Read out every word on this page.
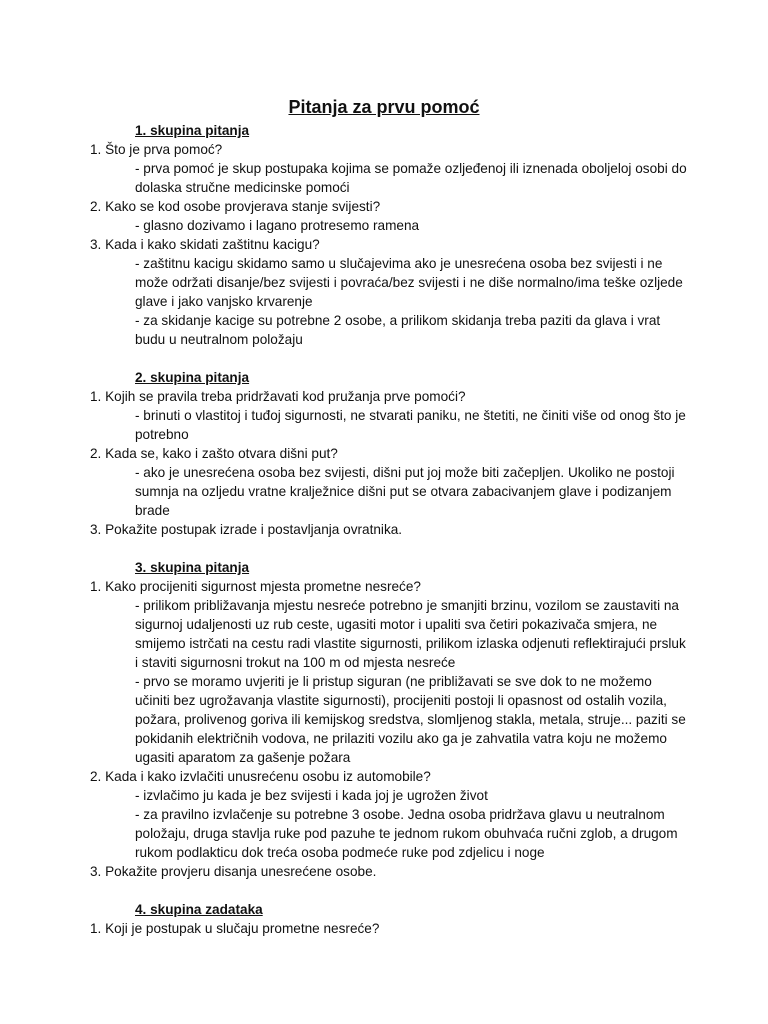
Pitanja za prvu pomoć

1. skupina pitanja

1. Što je prva pomoć?

- prva pomoć je skup postupaka kojima se pomaže ozljeđenoj ili iznenada oboljeloj osobi do dolaska stručne medicinske pomoći

2. Kako se kod osobe provjerava stanje svijesti?

- glasno dozivamo i lagano protresemo ramena

3. Kada i kako skidati zaštitnu kacigu?

- zaštitnu kacigu skidamo samo u slučajevima ako je unesrećena osoba bez svijesti i ne može održati disanje/bez svijesti i povraća/bez svijesti i ne diše normalno/ima teške ozljede glave i jako vanjsko krvarenje

- za skidanje kacige su potrebne 2 osobe, a prilikom skidanja treba paziti da glava i vrat budu u neutralnom položaju

2. skupina pitanja

1. Kojih se pravila treba pridržavati kod pružanja prve pomoći?

- brinuti o vlastitoj i tuđoj sigurnosti, ne stvarati paniku, ne štetiti, ne činiti više od onog što je potrebno

2. Kada se, kako i zašto otvara dišni put?

- ako je unesrećena osoba bez svijesti, dišni put joj može biti začepljen. Ukoliko ne postoji sumnja na ozljedu vratne kralježnice dišni put se otvara zabacivanjem glave i podizanjem brade

3. Pokažite postupak izrade i postavljanja ovratnika.

3. skupina pitanja

1. Kako procijeniti sigurnost mjesta prometne nesreće?

- prilikom približavanja mjestu nesreće potrebno je smanjiti brzinu, vozilom se zaustaviti na sigurnoj udaljenosti uz rub ceste, ugasiti motor i upaliti sva četiri pokazivača smjera, ne smijemo istrčati na cestu radi vlastite sigurnosti, prilikom izlaska odjenuti reflektirajući prsluk i staviti sigurnosni trokut na 100 m od mjesta nesreće

- prvo se moramo uvjeriti je li pristup siguran (ne približavati se sve dok to ne možemo učiniti bez ugrožavanja vlastite sigurnosti), procijeniti postoji li opasnost od ostalih vozila, požara, prolivenog goriva ili kemijskog sredstva, slomljenog stakla, metala, struje... paziti se pokidanih električnih vodova, ne prilaziti vozilu ako ga je zahvatila vatra koju ne možemo ugasiti aparatom za gašenje požara

2. Kada i kako izvlačiti unusrećenu osobu iz automobile?

- izvlačimo ju kada je bez svijesti i kada joj je ugrožen život

- za pravilno izvlačenje su potrebne 3 osobe. Jedna osoba pridržava glavu u neutralnom položaju, druga stavlja ruke pod pazuhe te jednom rukom obuhvaća ručni zglob, a drugom rukom podlakticu dok treća osoba podmeće ruke pod zdjelicu i noge

3. Pokažite provjeru disanja unesrećene osobe.

4. skupina zadataka

1. Koji je postupak u slučaju prometne nesreće?
